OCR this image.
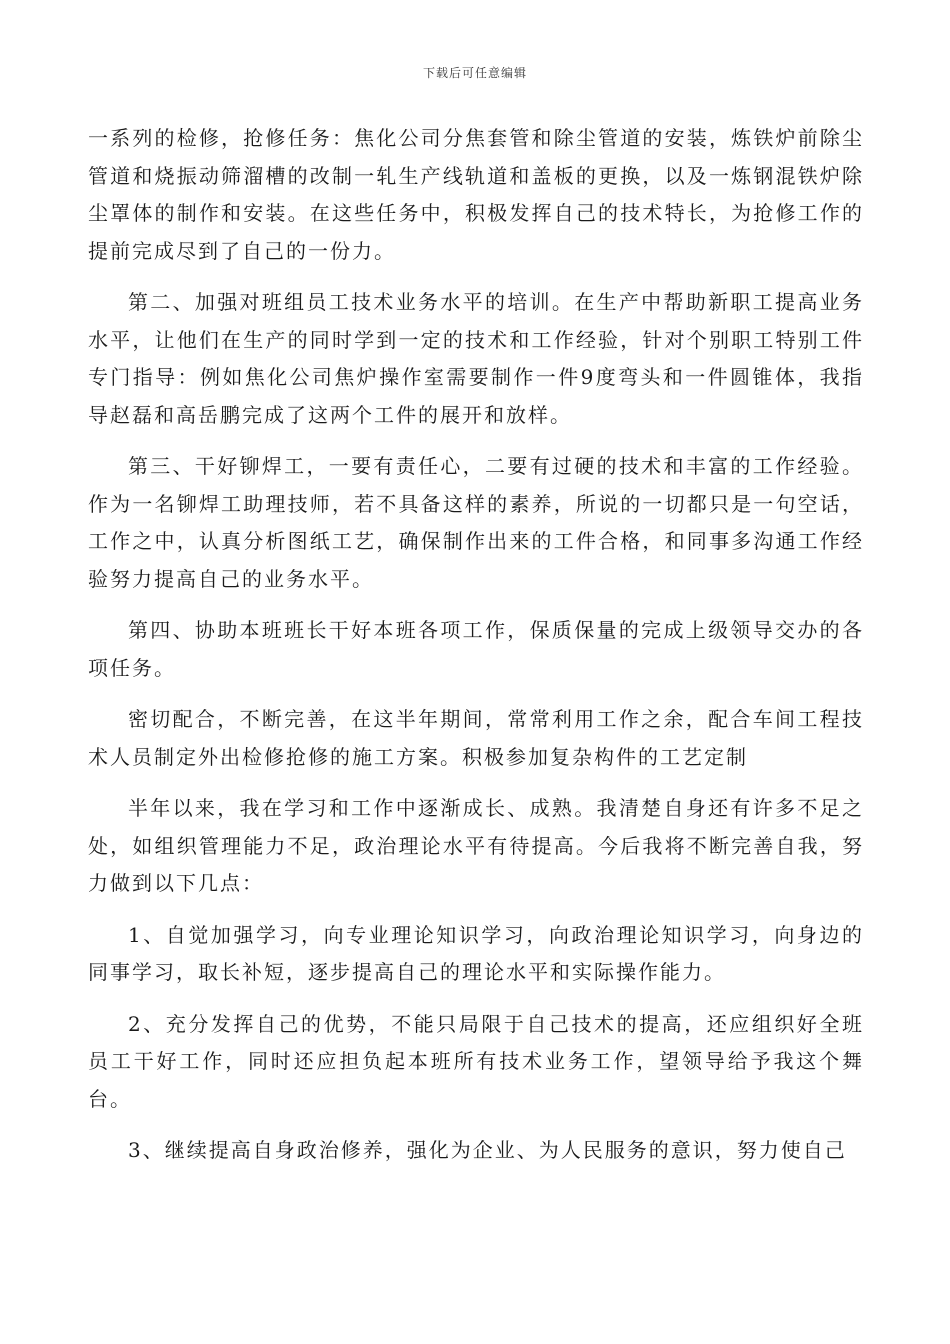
下载后可任意编辑

一系列的检修，抢修任务：焦化公司分焦套管和除尘管道的安装，炼铁炉前除尘管道和烧振动筛溜槽的改制一轧生产线轨道和盖板的更换，以及一炼钢混铁炉除尘罩体的制作和安装。在这些任务中，积极发挥自己的技术特长，为抢修工作的提前完成尽到了自己的一份力。

第二、加强对班组员工技术业务水平的培训。在生产中帮助新职工提高业务水平，让他们在生产的同时学到一定的技术和工作经验，针对个别职工特别工件专门指导：例如焦化公司焦炉操作室需要制作一件9度弯头和一件圆锥体，我指导赵磊和高岳鹏完成了这两个工件的展开和放样。

第三、干好铆焊工，一要有责任心，二要有过硬的技术和丰富的工作经验。作为一名铆焊工助理技师，若不具备这样的素养，所说的一切都只是一句空话，工作之中，认真分析图纸工艺，确保制作出来的工件合格，和同事多沟通工作经验努力提高自己的业务水平。

第四、协助本班班长干好本班各项工作，保质保量的完成上级领导交办的各项任务。

密切配合，不断完善，在这半年期间，常常利用工作之余，配合车间工程技术人员制定外出检修抢修的施工方案。积极参加复杂构件的工艺定制

半年以来，我在学习和工作中逐渐成长、成熟。我清楚自身还有许多不足之处，如组织管理能力不足，政治理论水平有待提高。今后我将不断完善自我，努力做到以下几点：

1、自觉加强学习，向专业理论知识学习，向政治理论知识学习，向身边的同事学习，取长补短，逐步提高自己的理论水平和实际操作能力。

2、充分发挥自己的优势，不能只局限于自己技术的提高，还应组织好全班员工干好工作，同时还应担负起本班所有技术业务工作，望领导给予我这个舞台。

3、继续提高自身政治修养，强化为企业、为人民服务的意识，努力使自己
